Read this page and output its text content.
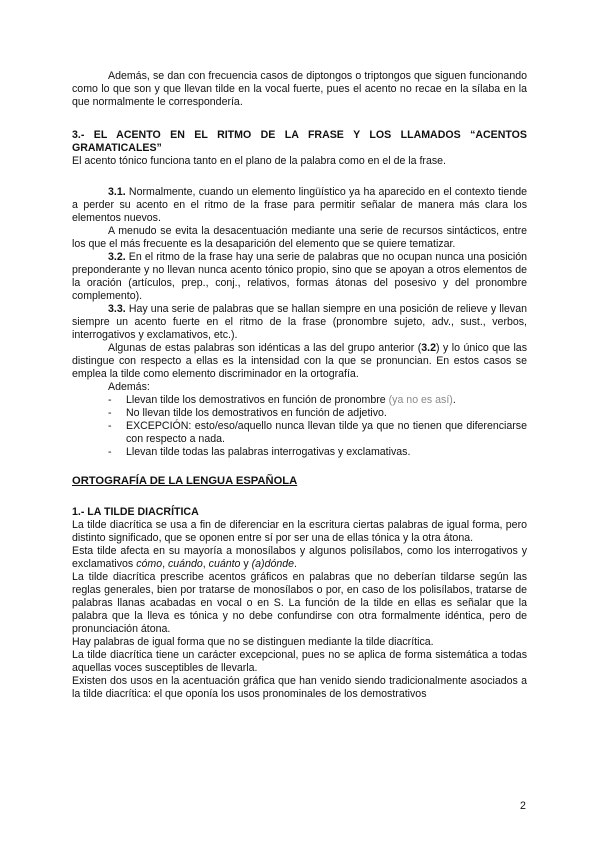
Además, se dan con frecuencia casos de diptongos o triptongos que siguen funcionando como lo que son y que llevan tilde en la vocal fuerte, pues el acento no recae en la sílaba en la que normalmente le correspondería.

3.- EL ACENTO EN EL RITMO DE LA FRASE Y LOS LLAMADOS “ACENTOS GRAMATICALES”

El acento tónico funciona tanto en el plano de la palabra como en el de la frase.

3.1. Normalmente, cuando un elemento lingüístico ya ha aparecido en el contexto tiende a perder su acento en el ritmo de la frase para permitir señalar de manera más clara los elementos nuevos.

A menudo se evita la desacentuación mediante una serie de recursos sintácticos, entre los que el más frecuente es la desaparición del elemento que se quiere tematizar.

3.2. En el ritmo de la frase hay una serie de palabras que no ocupan nunca una posición preponderante y no llevan nunca acento tónico propio, sino que se apoyan a otros elementos de la oración (artículos, prep., conj., relativos, formas átonas del posesivo y del pronombre complemento).

3.3. Hay una serie de palabras que se hallan siempre en una posición de relieve y llevan siempre un acento fuerte en el ritmo de la frase (pronombre sujeto, adv., sust., verbos, interrogativos y exclamativos, etc.).

Algunas de estas palabras son idénticas a las del grupo anterior (3.2) y lo único que las distingue con respecto a ellas es la intensidad con la que se pronuncian. En estos casos se emplea la tilde como elemento discriminador en la ortografía.

Además:

- Llevan tilde los demostrativos en función de pronombre (ya no es así).
- No llevan tilde los demostrativos en función de adjetivo.
- EXCEPCIÓN: esto/eso/aquello nunca llevan tilde ya que no tienen que diferenciarse con respecto a nada.
- Llevan tilde todas las palabras interrogativas y exclamativas.

ORTOGRAFÍA DE LA LENGUA ESPAÑOLA

1.- LA TILDE DIACRÍTICA

La tilde diacrítica se usa a fin de diferenciar en la escritura ciertas palabras de igual forma, pero distinto significado, que se oponen entre sí por ser una de ellas tónica y la otra átona.

Esta tilde afecta en su mayoría a monosílabos y algunos polisílabos, como los interrogativos y exclamativos cómo, cuándo, cuánto y (a)dónde.

La tilde diacrítica prescribe acentos gráficos en palabras que no deberían tildarse según las reglas generales, bien por tratarse de monosílabos o por, en caso de los polisílabos, tratarse de palabras llanas acabadas en vocal o en S. La función de la tilde en ellas es señalar que la palabra que la lleva es tónica y no debe confundirse con otra formalmente idéntica, pero de pronunciación átona.

Hay palabras de igual forma que no se distinguen mediante la tilde diacrítica.

La tilde diacrítica tiene un carácter excepcional, pues no se aplica de forma sistemática a todas aquellas voces susceptibles de llevarla.

Existen dos usos en la acentuación gráfica que han venido siendo tradicionalmente asociados a la tilde diacrítica: el que oponía los usos pronominales de los demostrativos

2
